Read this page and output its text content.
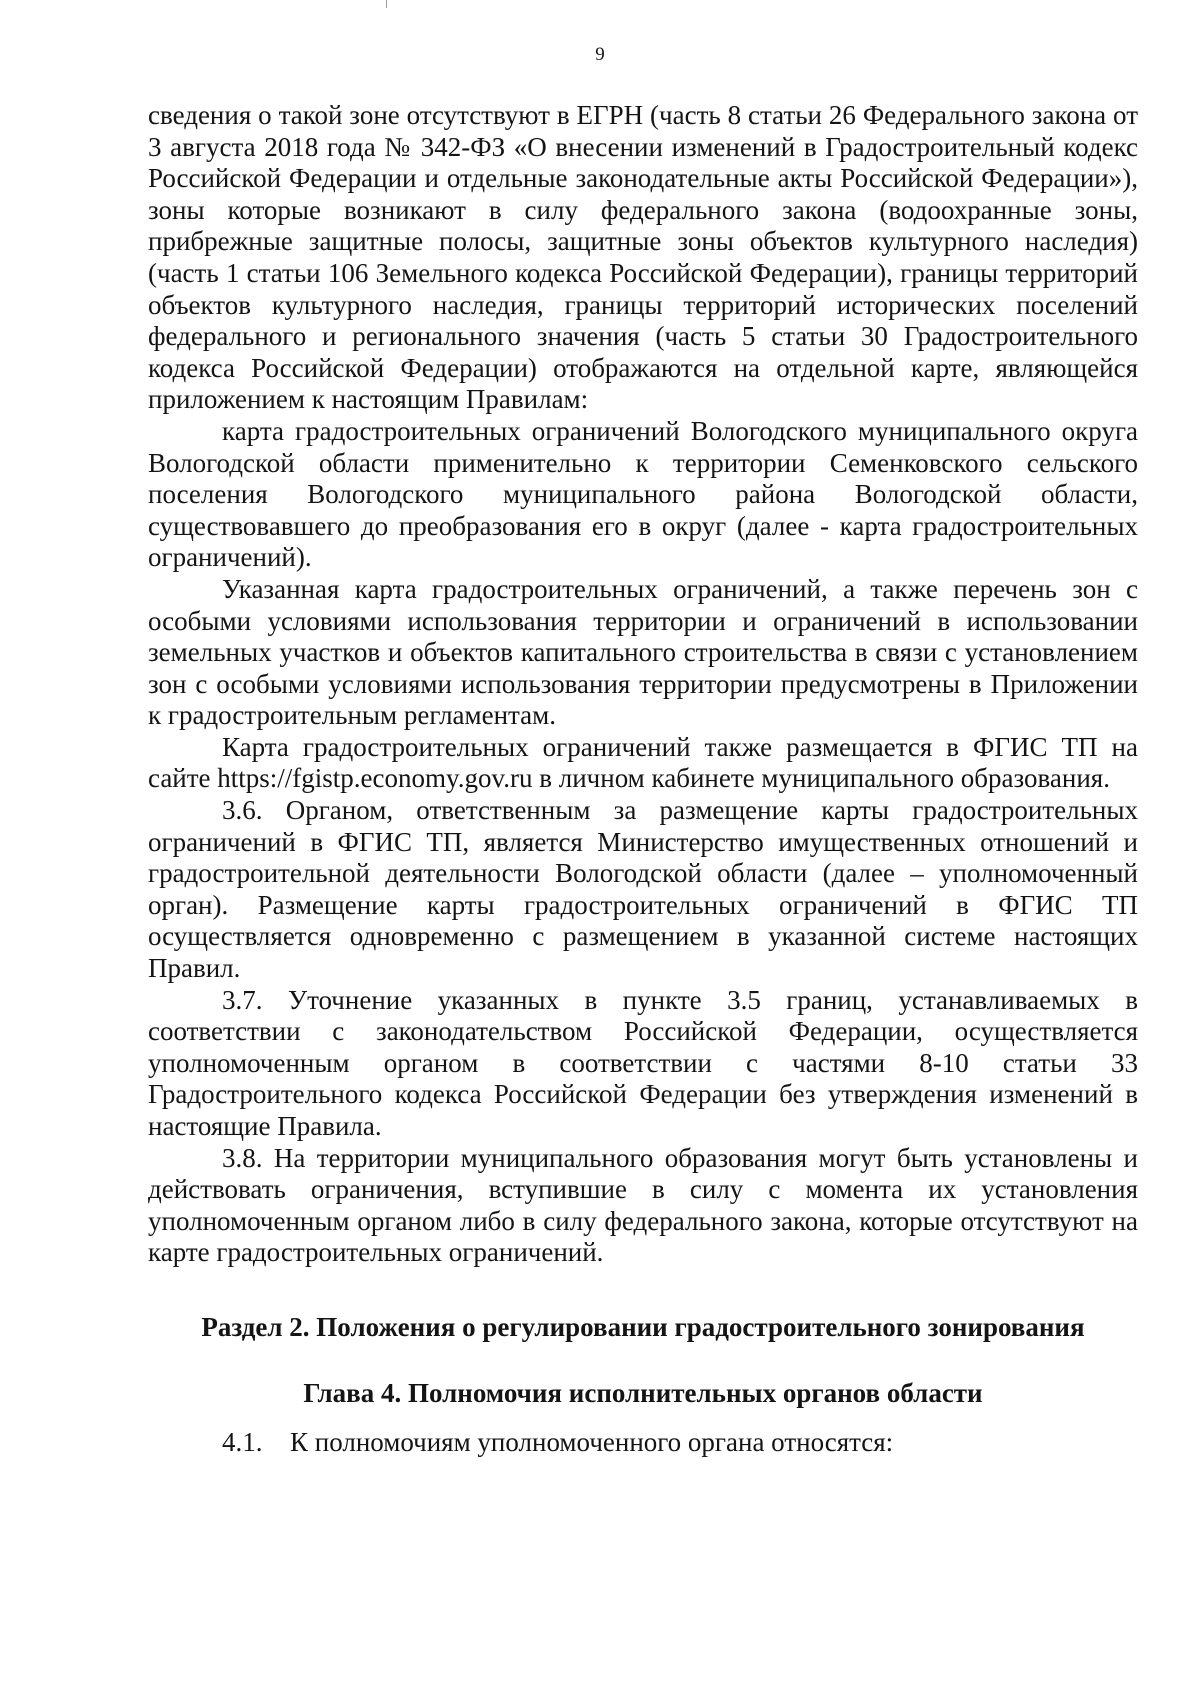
9

сведения о такой зоне отсутствуют в ЕГРН (часть 8 статьи 26 Федерального закона от 3 августа 2018 года № 342-ФЗ «О внесении изменений в Градостроительный кодекс Российской Федерации и отдельные законодательные акты Российской Федерации»), зоны которые возникают в силу федерального закона (водоохранные зоны, прибрежные защитные полосы, защитные зоны объектов культурного наследия) (часть 1 статьи 106 Земельного кодекса Российской Федерации), границы территорий объектов культурного наследия, границы территорий исторических поселений федерального и регионального значения (часть 5 статьи 30 Градостроительного кодекса Российской Федерации) отображаются на отдельной карте, являющейся приложением к настоящим Правилам:

карта градостроительных ограничений Вологодского муниципального округа Вологодской области применительно к территории Семенковского сельского поселения Вологодского муниципального района Вологодской области, существовавшего до преобразования его в округ (далее - карта градостроительных ограничений).

Указанная карта градостроительных ограничений, а также перечень зон с особыми условиями использования территории и ограничений в использовании земельных участков и объектов капитального строительства в связи с установлением зон с особыми условиями использования территории предусмотрены в Приложении к градостроительным регламентам.

Карта градостроительных ограничений также размещается в ФГИС ТП на сайте https://fgistp.economy.gov.ru в личном кабинете муниципального образования.

3.6. Органом, ответственным за размещение карты градостроительных ограничений в ФГИС ТП, является Министерство имущественных отношений и градостроительной деятельности Вологодской области (далее – уполномоченный орган). Размещение карты градостроительных ограничений в ФГИС ТП осуществляется одновременно с размещением в указанной системе настоящих Правил.

3.7. Уточнение указанных в пункте 3.5 границ, устанавливаемых в соответствии с законодательством Российской Федерации, осуществляется уполномоченным органом в соответствии с частями 8-10 статьи 33 Градостроительного кодекса Российской Федерации без утверждения изменений в настоящие Правила.

3.8. На территории муниципального образования могут быть установлены и действовать ограничения, вступившие в силу с момента их установления уполномоченным органом либо в силу федерального закона, которые отсутствуют на карте градостроительных ограничений.

Раздел 2. Положения о регулировании градостроительного зонирования
Глава 4. Полномочия исполнительных органов области

4.1. К полномочиям уполномоченного органа относятся:
